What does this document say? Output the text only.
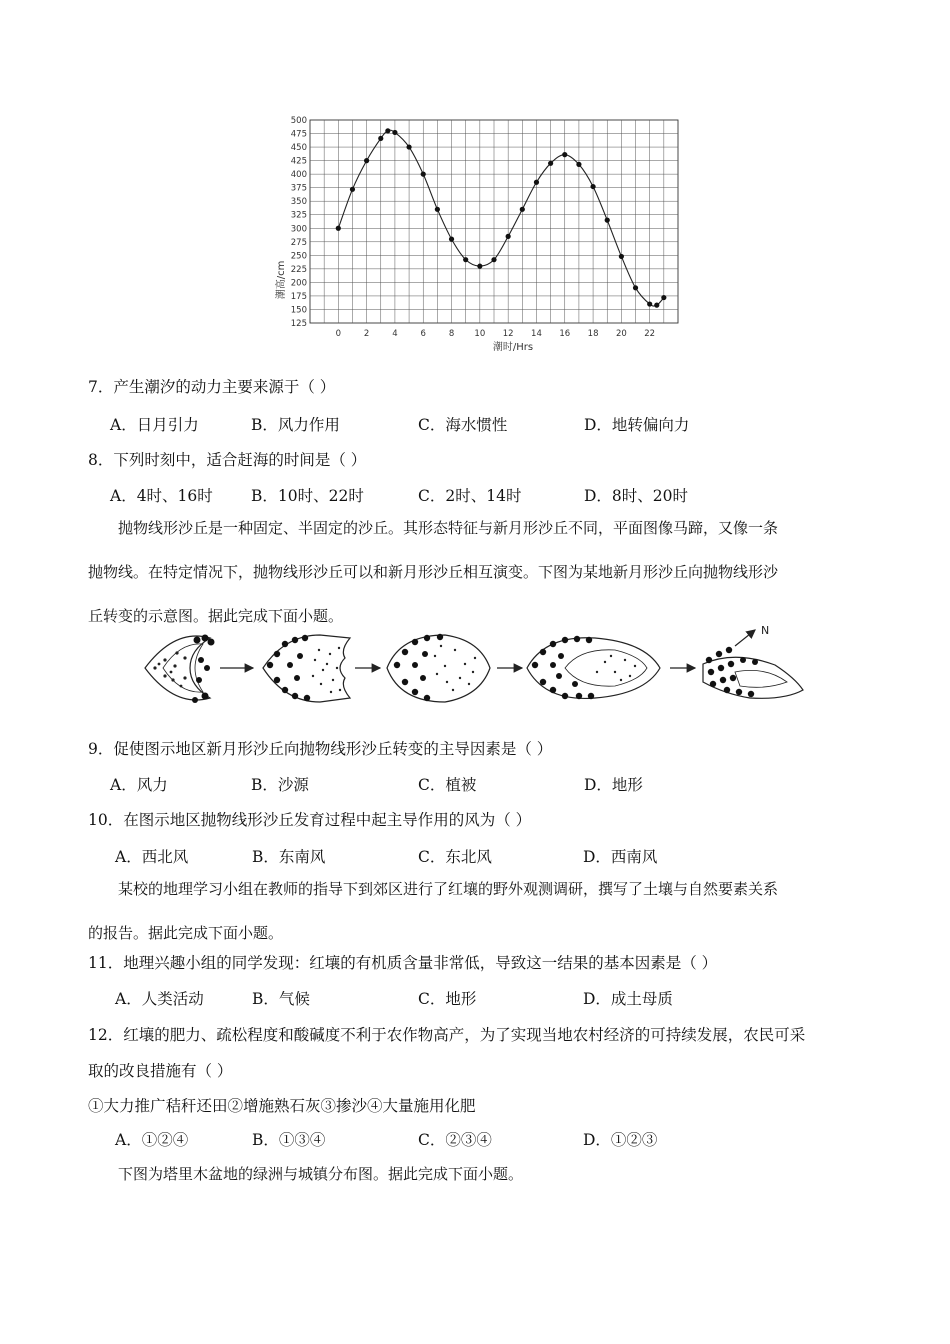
125
150
175
200
225
250
275
300
325
350
375
400
425
450
475
500
0	2	4	6	8 10 12 14 16 18 20 22
潮高/cm
潮时/Hrs
7．产生潮汐的动力主要来源于（ ）
A．日月引力	B．风力作用	C．海水惯性	D．地转偏向力
8．下列时刻中，适合赶海的时间是（ ）
A．4时、16时	B．10时、22时	C．2时、14时	D．8时、20时
抛物线形沙丘是一种固定、半固定的沙丘。其形态特征与新月形沙丘不同，平面图像马蹄，又像一条
抛物线。在特定情况下，抛物线形沙丘可以和新月形沙丘相互演变。下图为某地新月形沙丘向抛物线形沙
丘转变的示意图。据此完成下面小题。
N
9．促使图示地区新月形沙丘向抛物线形沙丘转变的主导因素是（ ）
A．风力	B．沙源	C．植被	D．地形
10．在图示地区抛物线形沙丘发育过程中起主导作用的风为（ ）
A．西北风	B．东南风	C．东北风	D．西南风
某校的地理学习小组在教师的指导下到郊区进行了红壤的野外观测调研，撰写了土壤与自然要素关系
的报告。据此完成下面小题。
11．地理兴趣小组的同学发现：红壤的有机质含量非常低，导致这一结果的基本因素是（ ）
A．人类活动	B．气候	C．地形	D．成土母质
12．红壤的肥力、疏松程度和酸碱度不利于农作物高产，为了实现当地农村经济的可持续发展，农民可采
取的改良措施有（ ）
①大力推广秸秆还田②增施熟石灰③掺沙④大量施用化肥
A．①②④	B．①③④	C．②③④	D．①②③
下图为塔里木盆地的绿洲与城镇分布图。据此完成下面小题。
